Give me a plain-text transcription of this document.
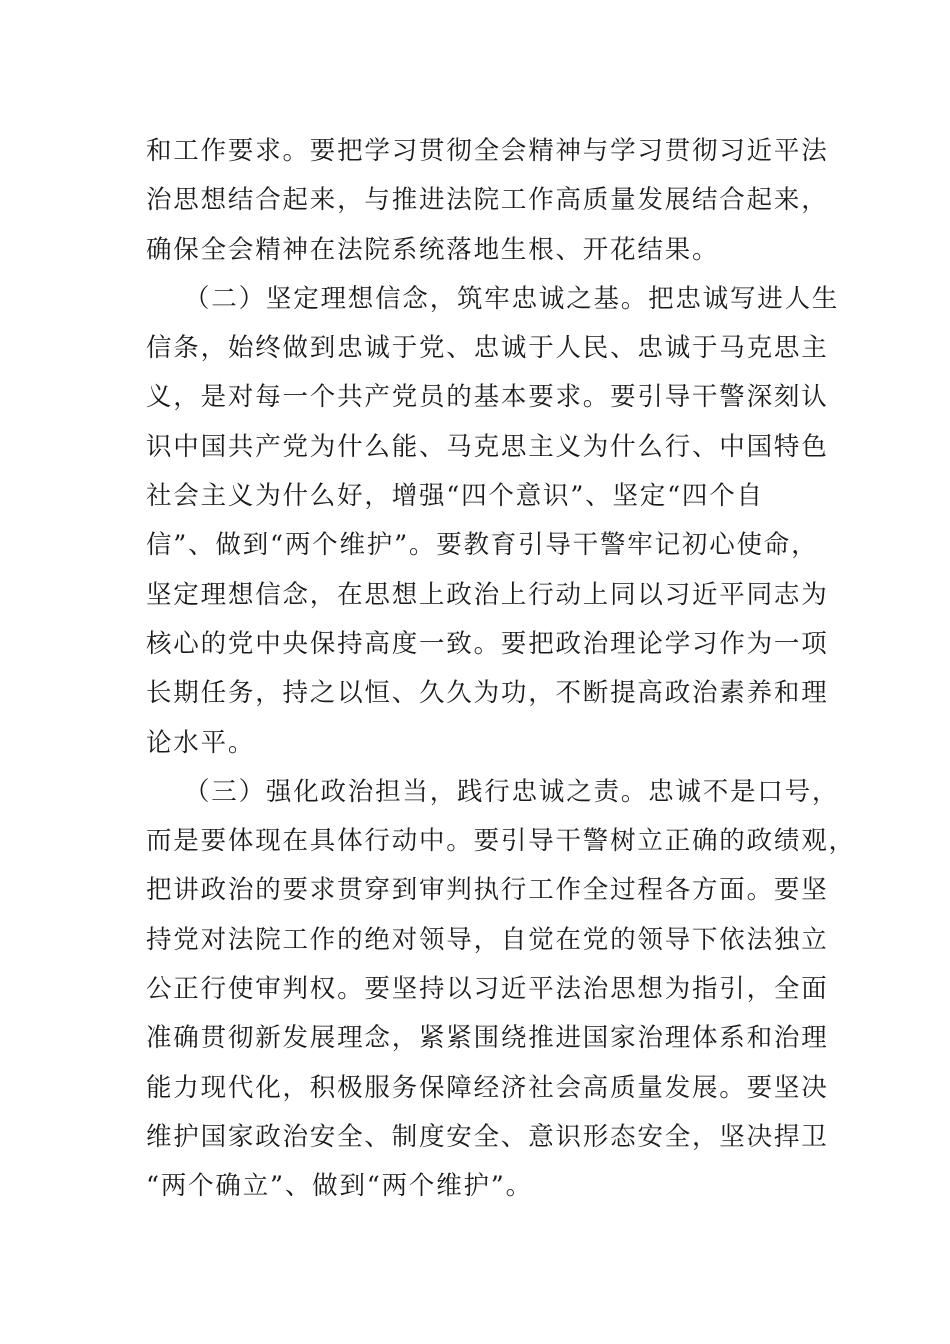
和工作要求。要把学习贯彻全会精神与学习贯彻习近平法
治思想结合起来，与推进法院工作高质量发展结合起来，
确保全会精神在法院系统落地生根、开花结果。
（二）坚定理想信念，筑牢忠诚之基。把忠诚写进人生
信条，始终做到忠诚于党、忠诚于人民、忠诚于马克思主
义，是对每一个共产党员的基本要求。要引导干警深刻认
识中国共产党为什么能、马克思主义为什么行、中国特色
社会主义为什么好，增强“四个意识”、坚定“四个自
信”、做到“两个维护”。要教育引导干警牢记初心使命，
坚定理想信念，在思想上政治上行动上同以习近平同志为
核心的党中央保持高度一致。要把政治理论学习作为一项
长期任务，持之以恒、久久为功，不断提高政治素养和理
论水平。
（三）强化政治担当，践行忠诚之责。忠诚不是口号，
而是要体现在具体行动中。要引导干警树立正确的政绩观，
把讲政治的要求贯穿到审判执行工作全过程各方面。要坚
持党对法院工作的绝对领导，自觉在党的领导下依法独立
公正行使审判权。要坚持以习近平法治思想为指引，全面
准确贯彻新发展理念，紧紧围绕推进国家治理体系和治理
能力现代化，积极服务保障经济社会高质量发展。要坚决
维护国家政治安全、制度安全、意识形态安全，坚决捍卫
“两个确立”、做到“两个维护”。
